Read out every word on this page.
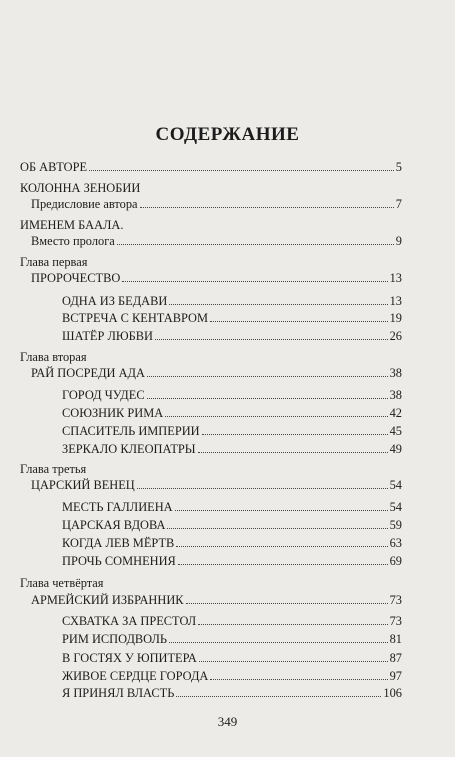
СОДЕРЖАНИЕ
ОБ АВТОРЕ	5
КОЛОННА ЗЕНОБИИ
Предисловие автора	7
ИМЕНЕМ БААЛА.
Вместо пролога	9
Глава первая
ПРОРОЧЕСТВО	13
ОДНА ИЗ БЕДАВИ	13
ВСТРЕЧА С КЕНТАВРОМ	19
ШАТЁР ЛЮБВИ	26
Глава вторая
РАЙ ПОСРЕДИ АДА	38
ГОРОД ЧУДЕС	38
СОЮЗНИК РИМА	42
СПАСИТЕЛЬ ИМПЕРИИ	45
ЗЕРКАЛО КЛЕОПАТРЫ	49
Глава третья
ЦАРСКИЙ ВЕНЕЦ	54
МЕСТЬ ГАЛЛИЕНА	54
ЦАРСКАЯ ВДОВА	59
КОГДА ЛЕВ МЁРТВ	63
ПРОЧЬ СОМНЕНИЯ	69
Глава четвёртая
АРМЕЙСКИЙ ИЗБРАННИК	73
СХВАТКА ЗА ПРЕСТОЛ	73
РИМ ИСПОДВОЛЬ	81
В ГОСТЯХ У ЮПИТЕРА	87
ЖИВОЕ СЕРДЦЕ ГОРОДА	97
Я ПРИНЯЛ ВЛАСТЬ	106
349
